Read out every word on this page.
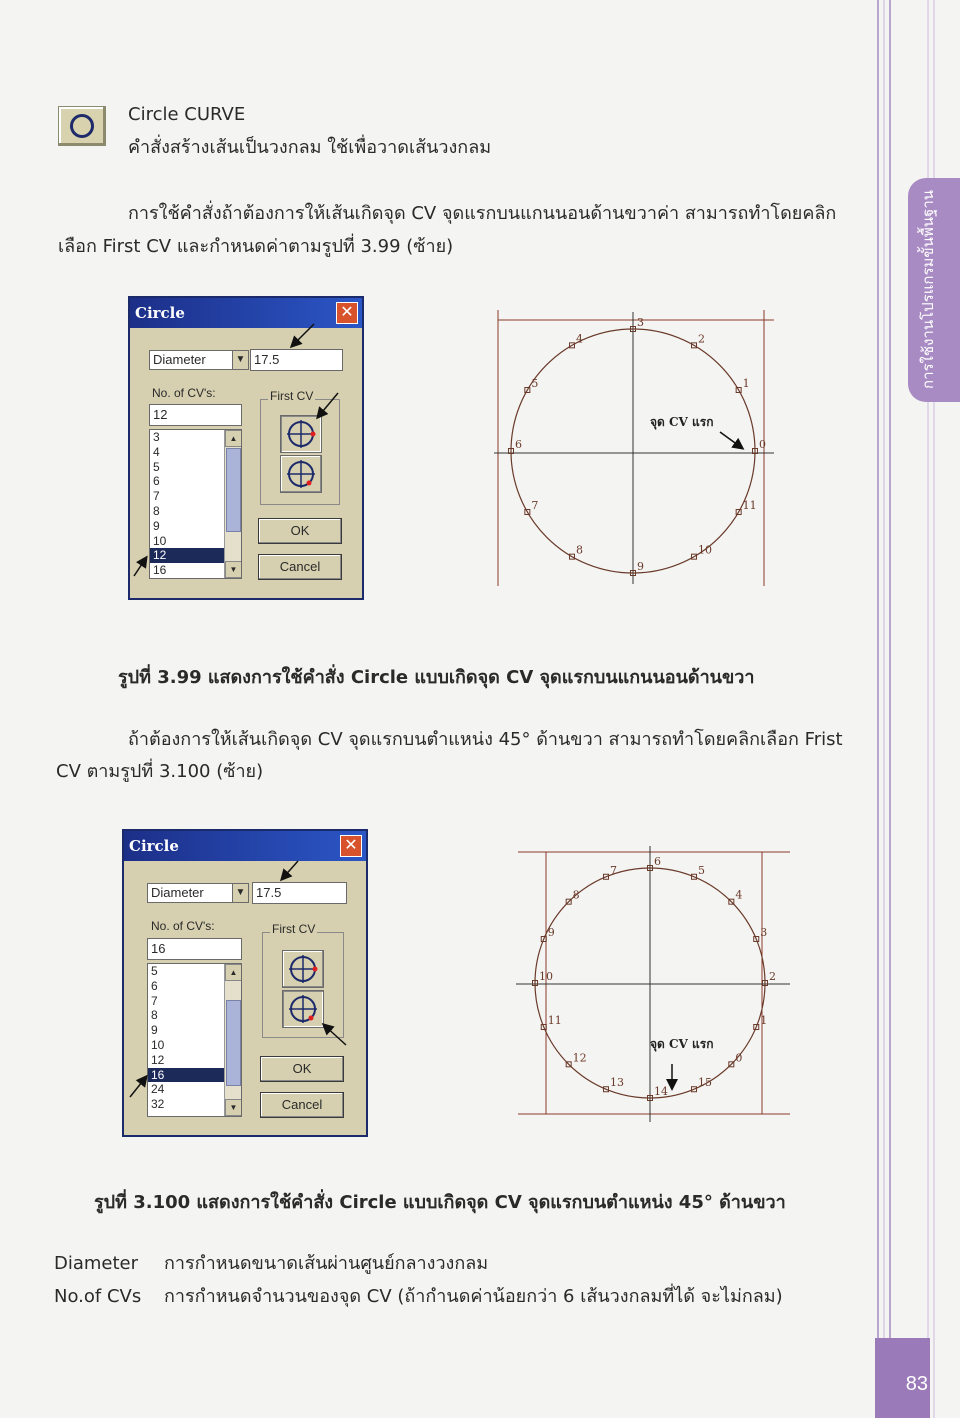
การใช้งานโปรแกรมขั้นพื้นฐาน
83
Circle CURVE
คำสั่งสร้างเส้นเป็นวงกลม ใช้เพื่อวาดเส้นวงกลม
การใช้คำสั่งถ้าต้องการให้เส้นเกิดจุด CV จุดแรกบนแกนนอนด้านขวาค่า สามารถทำโดยคลิก
เลือก First CV และกำหนดค่าตามรูปที่ 3.99 (ซ้าย)
Circle	✕
Diameter	▼ 17.5
No. of CV's:
12
3
4
5
6
7
8
9
10
12
16
▲
▼
First CV
OK
Cancel
0
1
2
3
4
5
6
7
8
9
10
11
จุด CV แรก
รูปที่ 3.99 แสดงการใช้คำสั่ง Circle แบบเกิดจุด CV จุดแรกบนแกนนอนด้านขวา
ถ้าต้องการให้เส้นเกิดจุด CV จุดแรกบนตำแหน่ง 45° ด้านขวา สามารถทำโดยคลิกเลือก Frist
CV ตามรูปที่ 3.100 (ซ้าย)
Circle	✕
Diameter	▼ 17.5
No. of CV's:
16
5
6
7
8
9
10
12
16
24
32
▲
▼
First CV
OK
Cancel
0
1
2
3
4
5
6
7
8
9
10
11
12
13
14
15
จุด CV แรก
รูปที่ 3.100 แสดงการใช้คำสั่ง Circle แบบเกิดจุด CV จุดแรกบนตำแหน่ง 45° ด้านขวา
Diameter การกำหนดขนาดเส้นผ่านศูนย์กลางวงกลม
No.of CVs การกำหนดจำนวนของจุด CV (ถ้ากำนดค่าน้อยกว่า 6 เส้นวงกลมที่ได้ จะไม่กลม)
